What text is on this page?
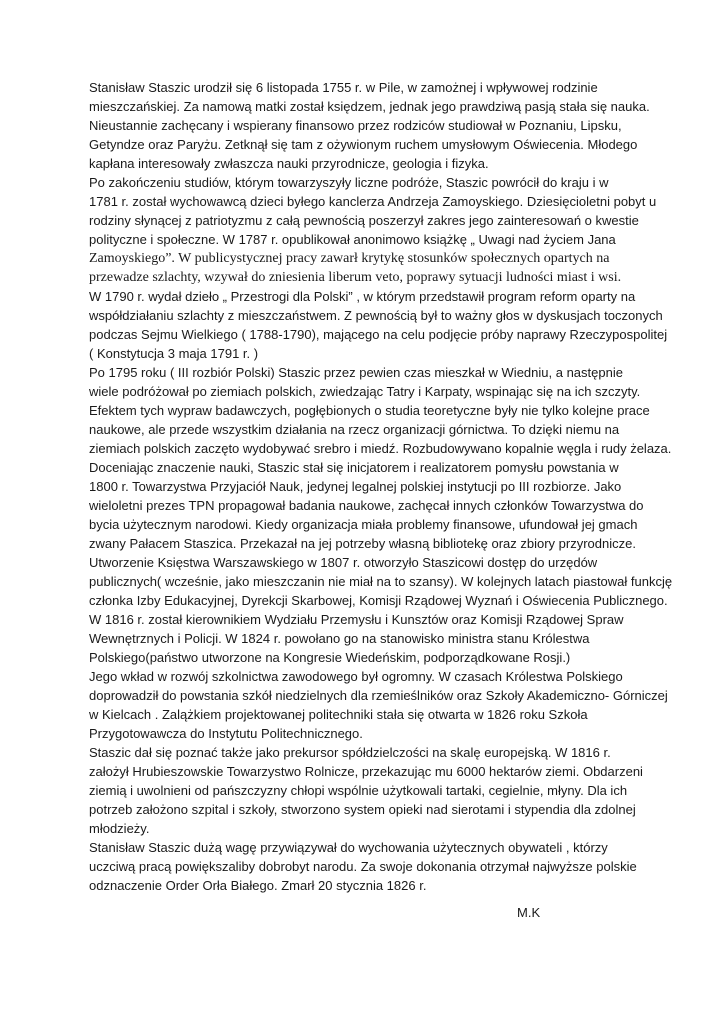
Stanisław Staszic urodził się 6 listopada 1755 r. w Pile, w zamożnej i wpływowej rodzinie
mieszczańskiej. Za namową matki został księdzem, jednak jego prawdziwą pasją stała się nauka.
Nieustannie zachęcany i wspierany finansowo przez rodziców studiował w Poznaniu, Lipsku,
Getyndze oraz Paryżu. Zetknął się tam z ożywionym ruchem umysłowym Oświecenia. Młodego
kapłana interesowały zwłaszcza nauki przyrodnicze, geologia i fizyka.
Po zakończeniu studiów, którym towarzyszyły liczne podróże, Staszic powrócił do kraju i w
1781 r. został wychowawcą dzieci byłego kanclerza Andrzeja Zamoyskiego. Dziesięcioletni pobyt u
rodziny słynącej z patriotyzmu z całą pewnością poszerzył zakres jego zainteresowań o kwestie
polityczne i społeczne. W 1787 r. opublikował anonimowo książkę „ Uwagi nad życiem Jana
Zamoyskiego”. W publicystycznej pracy zawarł krytykę stosunków społecznych opartych na
przewadze szlachty, wzywał do zniesienia liberum veto, poprawy sytuacji ludności miast i wsi.
W 1790 r. wydał dzieło „ Przestrogi dla Polski” , w którym przedstawił program reform oparty na
współdziałaniu szlachty z mieszczaństwem. Z pewnością był to ważny głos w dyskusjach toczonych
podczas Sejmu Wielkiego ( 1788-1790), mającego na celu podjęcie próby naprawy Rzeczypospolitej
( Konstytucja 3 maja 1791 r. )
Po 1795 roku ( III rozbiór Polski) Staszic przez pewien czas mieszkał w Wiedniu, a następnie
wiele podróżował po ziemiach polskich, zwiedzając Tatry i Karpaty, wspinając się na ich szczyty.
Efektem tych wypraw badawczych, pogłębionych o studia teoretyczne były nie tylko kolejne prace
naukowe, ale przede wszystkim działania na rzecz organizacji górnictwa. To dzięki niemu na
ziemiach polskich zaczęto wydobywać srebro i miedź. Rozbudowywano kopalnie węgla i rudy żelaza.
Doceniając znaczenie nauki, Staszic stał się inicjatorem i realizatorem pomysłu powstania w
1800 r. Towarzystwa Przyjaciół Nauk, jedynej legalnej polskiej instytucji po III rozbiorze. Jako
wieloletni prezes TPN propagował badania naukowe, zachęcał innych członków Towarzystwa do
bycia użytecznym narodowi. Kiedy organizacja miała problemy finansowe, ufundował jej gmach
zwany Pałacem Staszica. Przekazał na jej potrzeby własną bibliotekę oraz zbiory przyrodnicze.
Utworzenie Księstwa Warszawskiego w 1807 r. otworzyło Staszicowi dostęp do urzędów
publicznych( wcześnie, jako mieszczanin nie miał na to szansy). W kolejnych latach piastował funkcję
członka Izby Edukacyjnej, Dyrekcji Skarbowej, Komisji Rządowej Wyznań i Oświecenia Publicznego.
W 1816 r. został kierownikiem Wydziału Przemysłu i Kunsztów oraz Komisji Rządowej Spraw
Wewnętrznych i Policji. W 1824 r. powołano go na stanowisko ministra stanu Królestwa
Polskiego(państwo utworzone na Kongresie Wiedeńskim, podporządkowane Rosji.)
Jego wkład w rozwój szkolnictwa zawodowego był ogromny. W czasach Królestwa Polskiego
doprowadził do powstania szkół niedzielnych dla rzemieślników oraz Szkoły Akademiczno- Górniczej
w Kielcach . Zalążkiem projektowanej politechniki stała się otwarta w 1826 roku Szkoła
Przygotowawcza do Instytutu Politechnicznego.
Staszic dał się poznać także jako prekursor spółdzielczości na skalę europejską. W 1816 r.
założył Hrubieszowskie Towarzystwo Rolnicze, przekazując mu 6000 hektarów ziemi. Obdarzeni
ziemią i uwolnieni od pańszczyzny chłopi wspólnie użytkowali tartaki, cegielnie, młyny. Dla ich
potrzeb założono szpital i szkoły, stworzono system opieki nad sierotami i stypendia dla zdolnej
młodzieży.
Stanisław Staszic dużą wagę przywiązywał do wychowania użytecznych obywateli , którzy
uczciwą pracą powiększaliby dobrobyt narodu. Za swoje dokonania otrzymał najwyższe polskie
odznaczenie Order Orła Białego. Zmarł 20 stycznia 1826 r.
M.K
